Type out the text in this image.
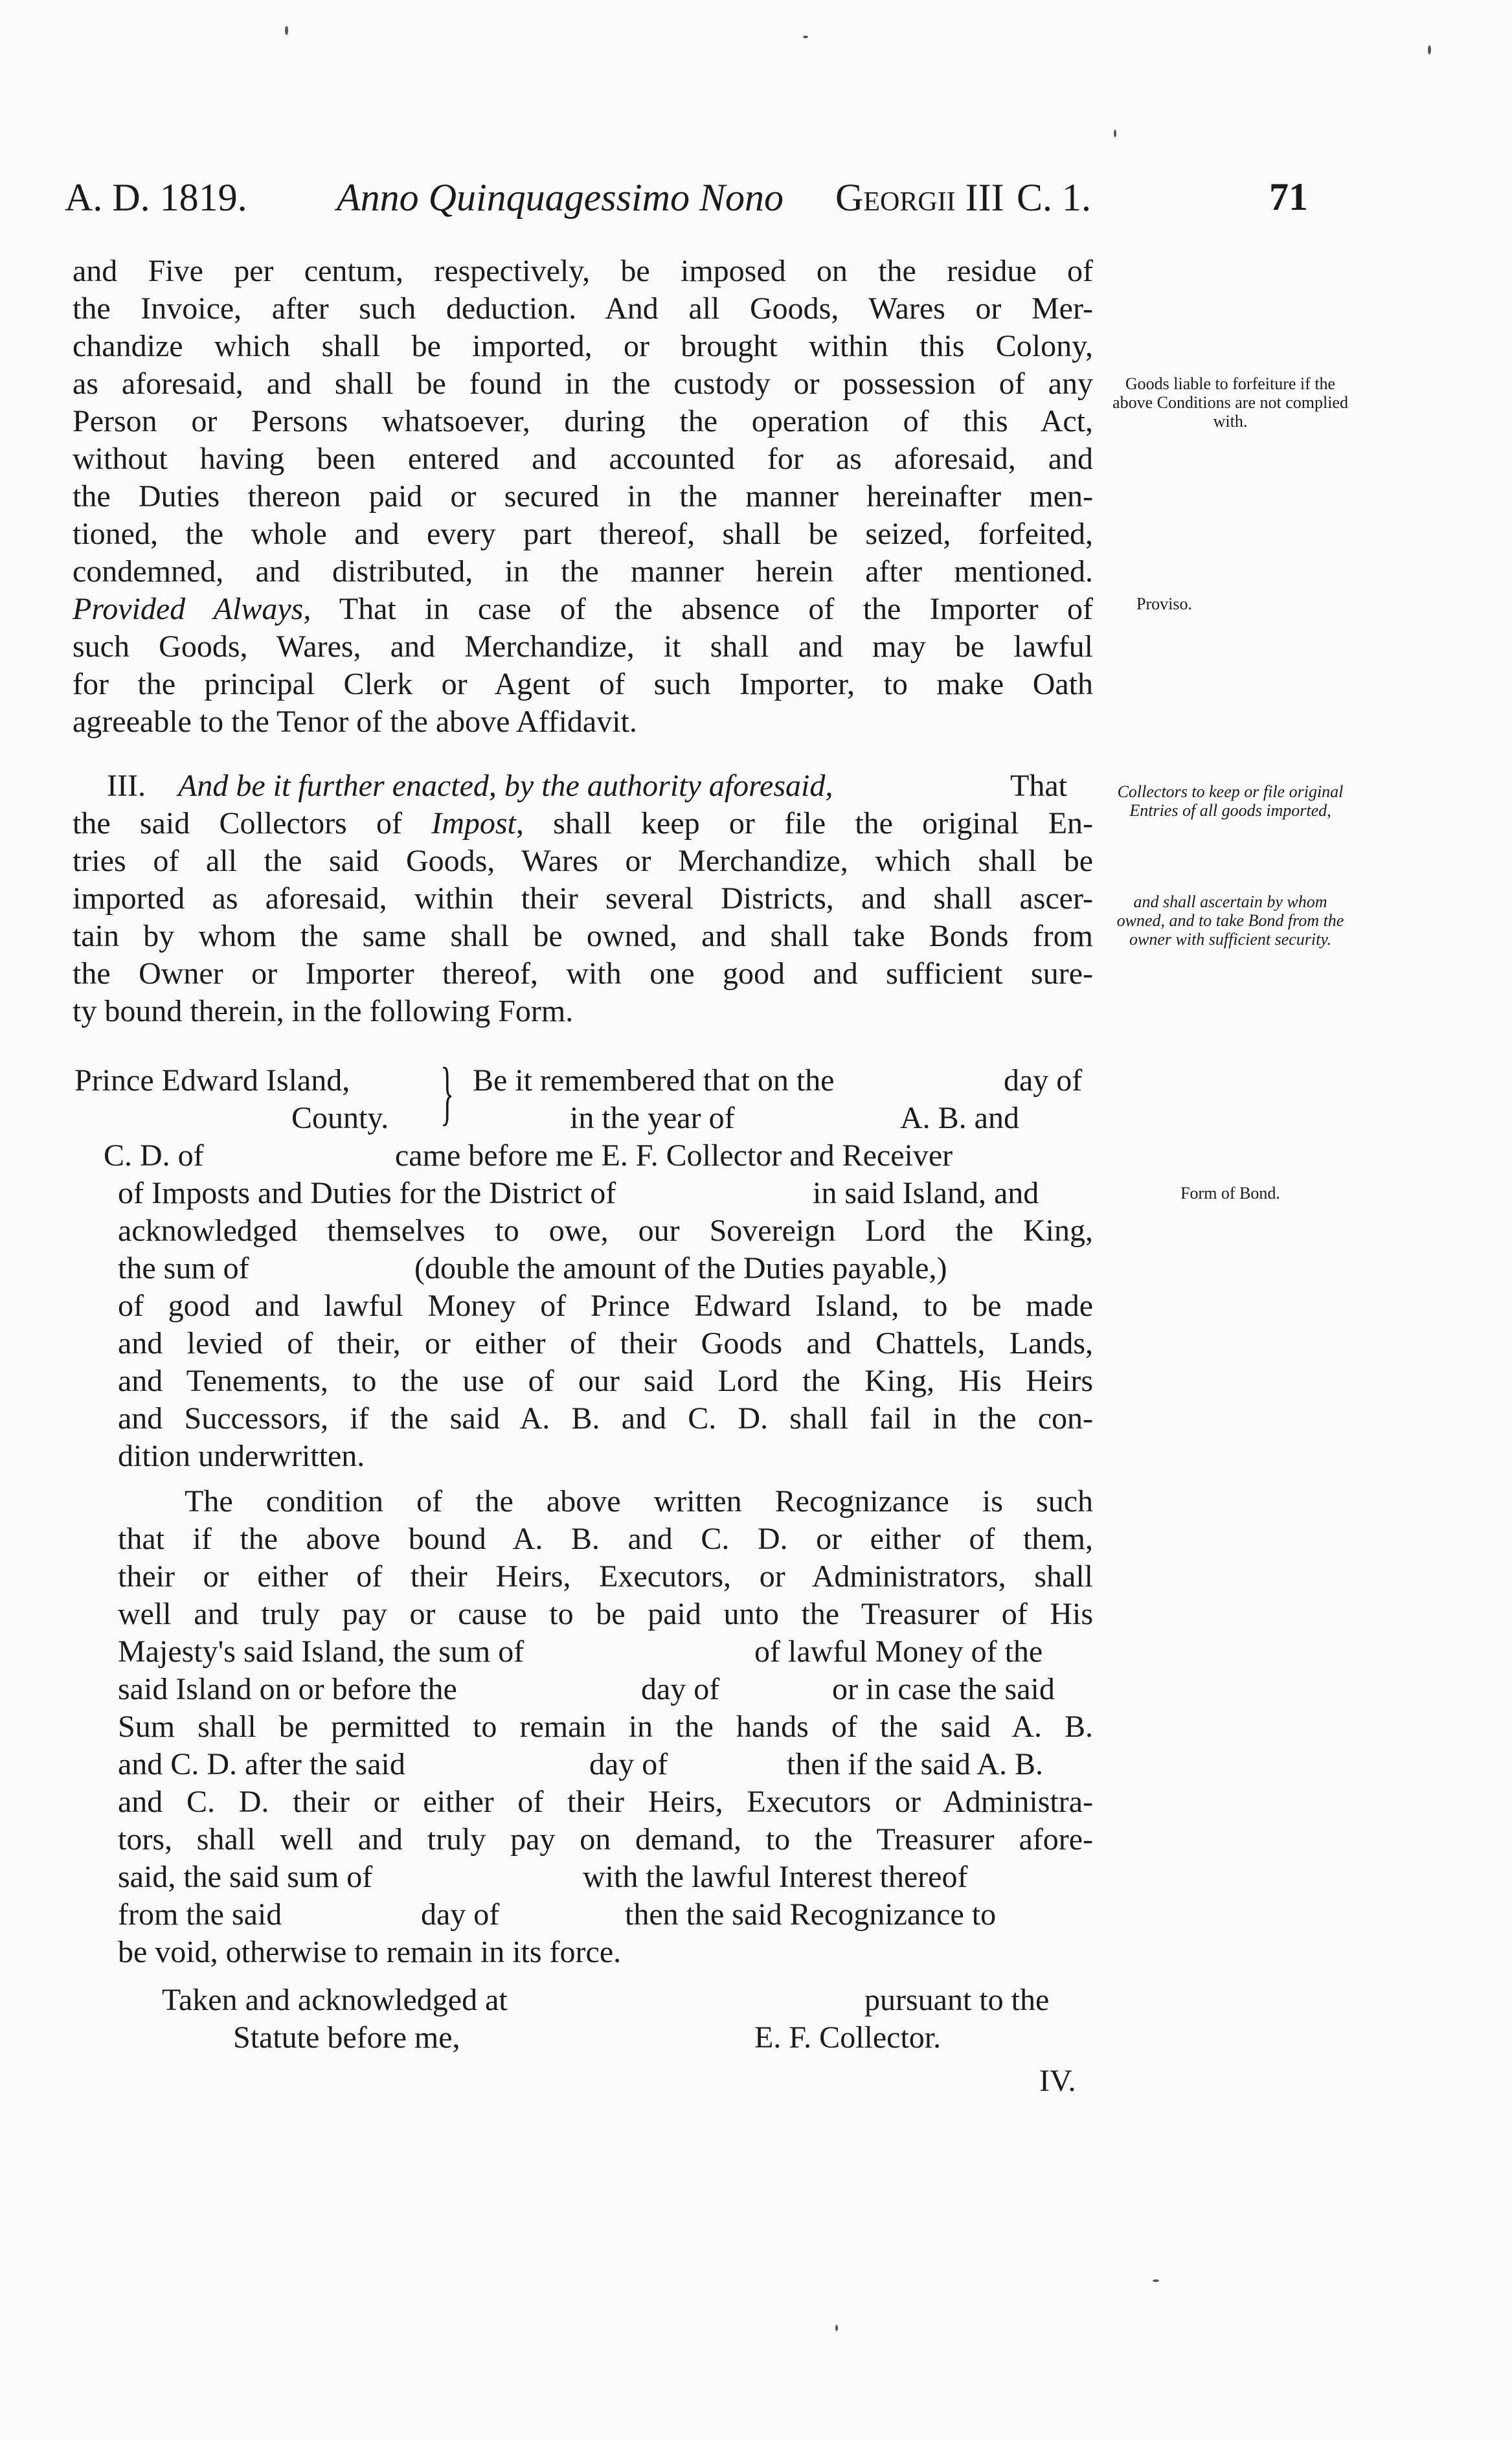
A. D. 1819. Anno Quinquagessimo Nono Georgii III C. 1.	71
and Five per centum, respectively, be imposed on the residue of
the Invoice, after such deduction. And all Goods, Wares or Mer-
chandize which shall be imported, or brought within this Colony,
as aforesaid, and shall be found in the custody or possession of any
Person or Persons whatsoever, during the operation of this Act,
without having been entered and accounted for as aforesaid, and
the Duties thereon paid or secured in the manner hereinafter men-
tioned, the whole and every part thereof, shall be seized, forfeited,
condemned, and distributed, in the manner herein after mentioned.
Provided Always, That in case of the absence of the Importer of
such Goods, Wares, and Merchandize, it shall and may be lawful
for the principal Clerk or Agent of such Importer, to make Oath
agreeable to the Tenor of the above Affidavit.
III. And be it further enacted, by the authority aforesaid,	That
the said Collectors of Impost, shall keep or file the original En-
tries of all the said Goods, Wares or Merchandize, which shall be
imported as aforesaid, within their several Districts, and shall ascer-
tain by whom the same shall be owned, and shall take Bonds from
the Owner or Importer thereof, with one good and sufficient sure-
ty bound therein, in the following Form.
Prince Edward Island,
County. } Be it remembered that on the	day of
in the year of	A. B. and
C. D. of	came before me E. F. Collector and Receiver
of Imposts and Duties for the District of	in said Island, and
acknowledged themselves to owe, our Sovereign Lord the King,
the sum of	(double the amount of the Duties payable,)
of good and lawful Money of Prince Edward Island, to be made
and levied of their, or either of their Goods and Chattels, Lands,
and Tenements, to the use of our said Lord the King, His Heirs
and Successors, if the said A. B. and C. D. shall fail in the con-
dition underwritten.
The condition of the above written Recognizance is such
that if the above bound A. B. and C. D. or either of them,
their or either of their Heirs, Executors, or Administrators, shall
well and truly pay or cause to be paid unto the Treasurer of His
Majesty's said Island, the sum of	of lawful Money of the
said Island on or before the	day of	or in case the said
Sum shall be permitted to remain in the hands of the said A. B.
and C. D. after the said	day of	then if the said A. B.
and C. D. their or either of their Heirs, Executors or Administra-
tors, shall well and truly pay on demand, to the Treasurer afore-
said, the said sum of	with the lawful Interest thereof
from the said	day of	then the said Recognizance to
be void, otherwise to remain in its force.
Taken and acknowledged at	pursuant to the
Statute before me,	E. F. Collector.
IV.
Goods liable to forfeiture if the above Conditions are not complied with.
Proviso.
Collectors to keep or file original Entries of all goods imported,
and shall ascertain by whom owned, and to take Bond from the owner with sufficient security.
Form of Bond.
